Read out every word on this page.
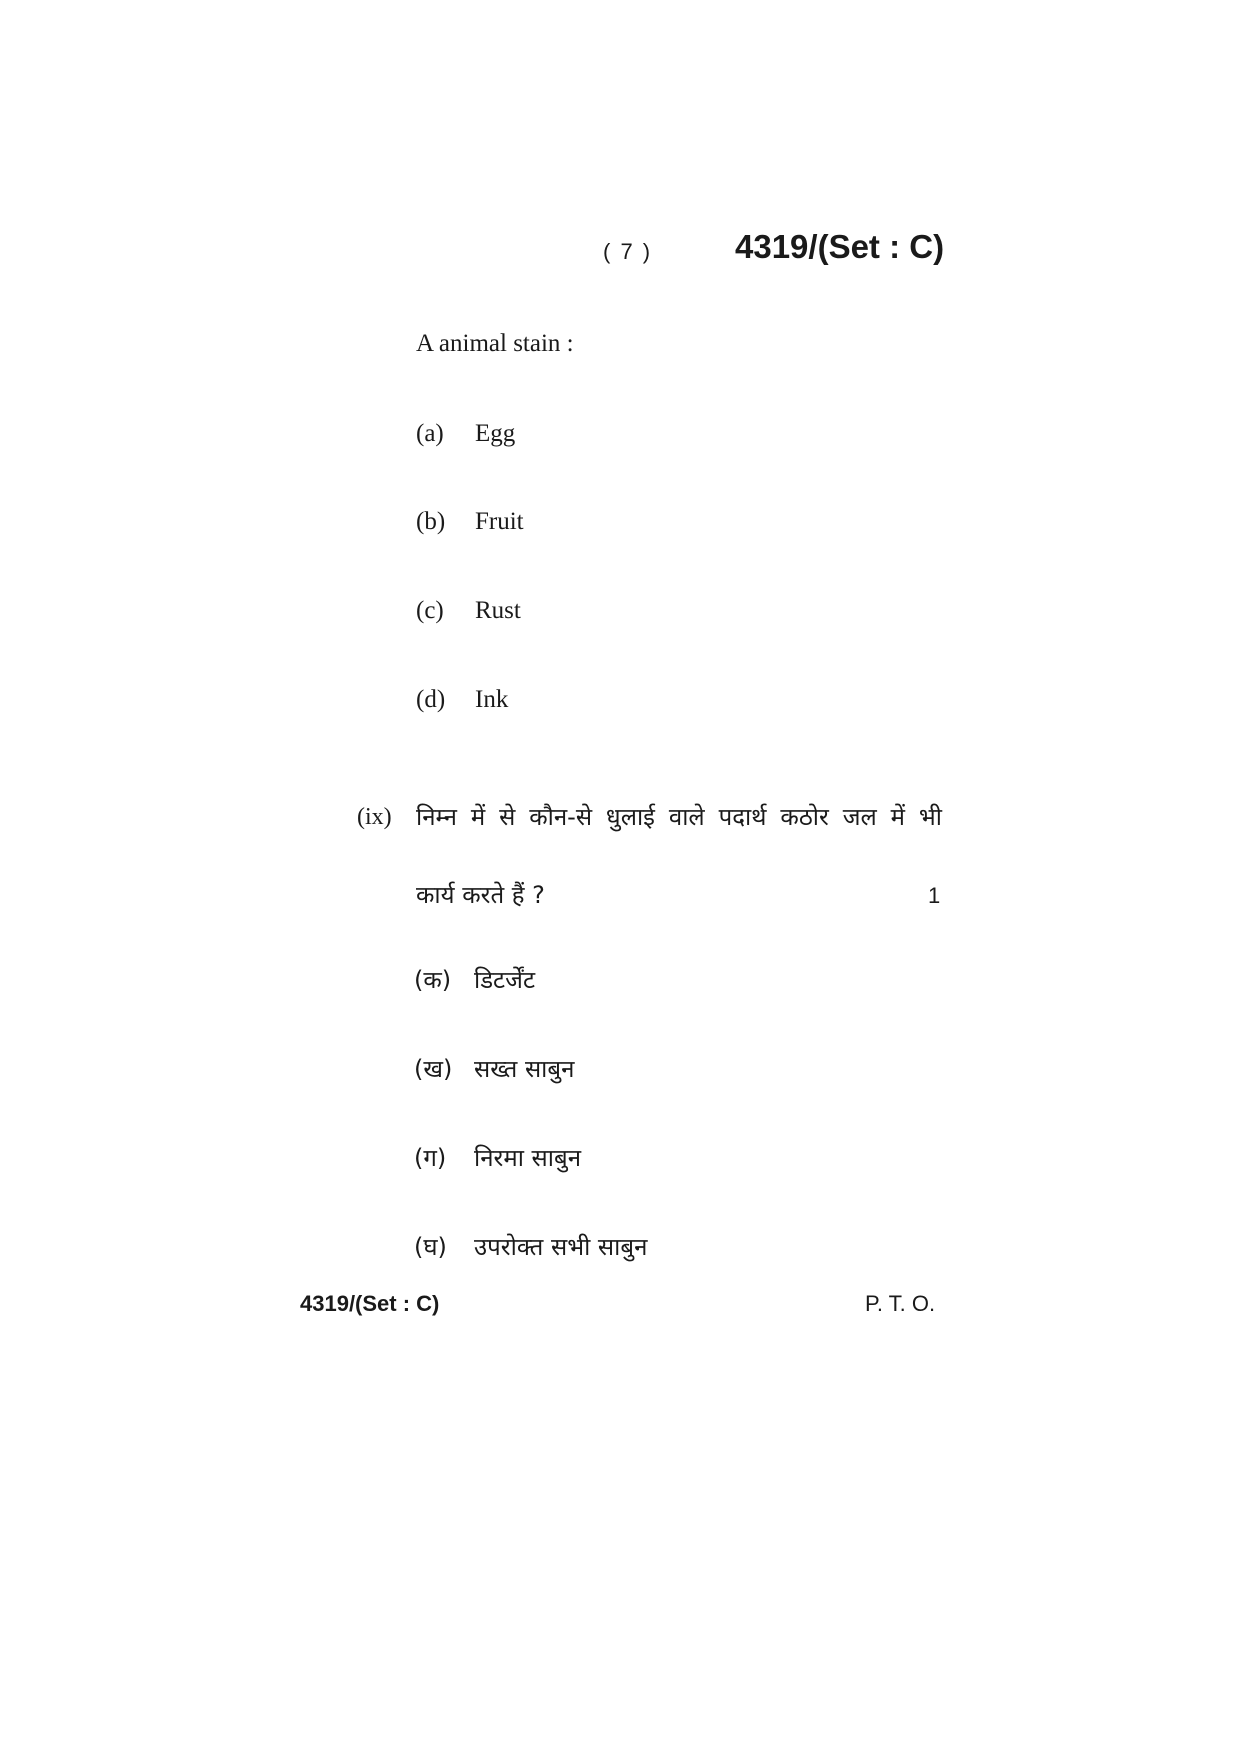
( 7 )	4319/(Set : C)
A animal stain :
(a) Egg
(b) Fruit
(c) Rust
(d) Ink
(ix) निम्न में से कौन-से धुलाई वाले पदार्थ कठोर जल में भी
कार्य करते हैं ?	1
(क) डिटर्जेंट
(ख) सख्त साबुन
(ग) निरमा साबुन
(घ) उपरोक्त सभी साबुन
4319/(Set : C)	P. T. O.
